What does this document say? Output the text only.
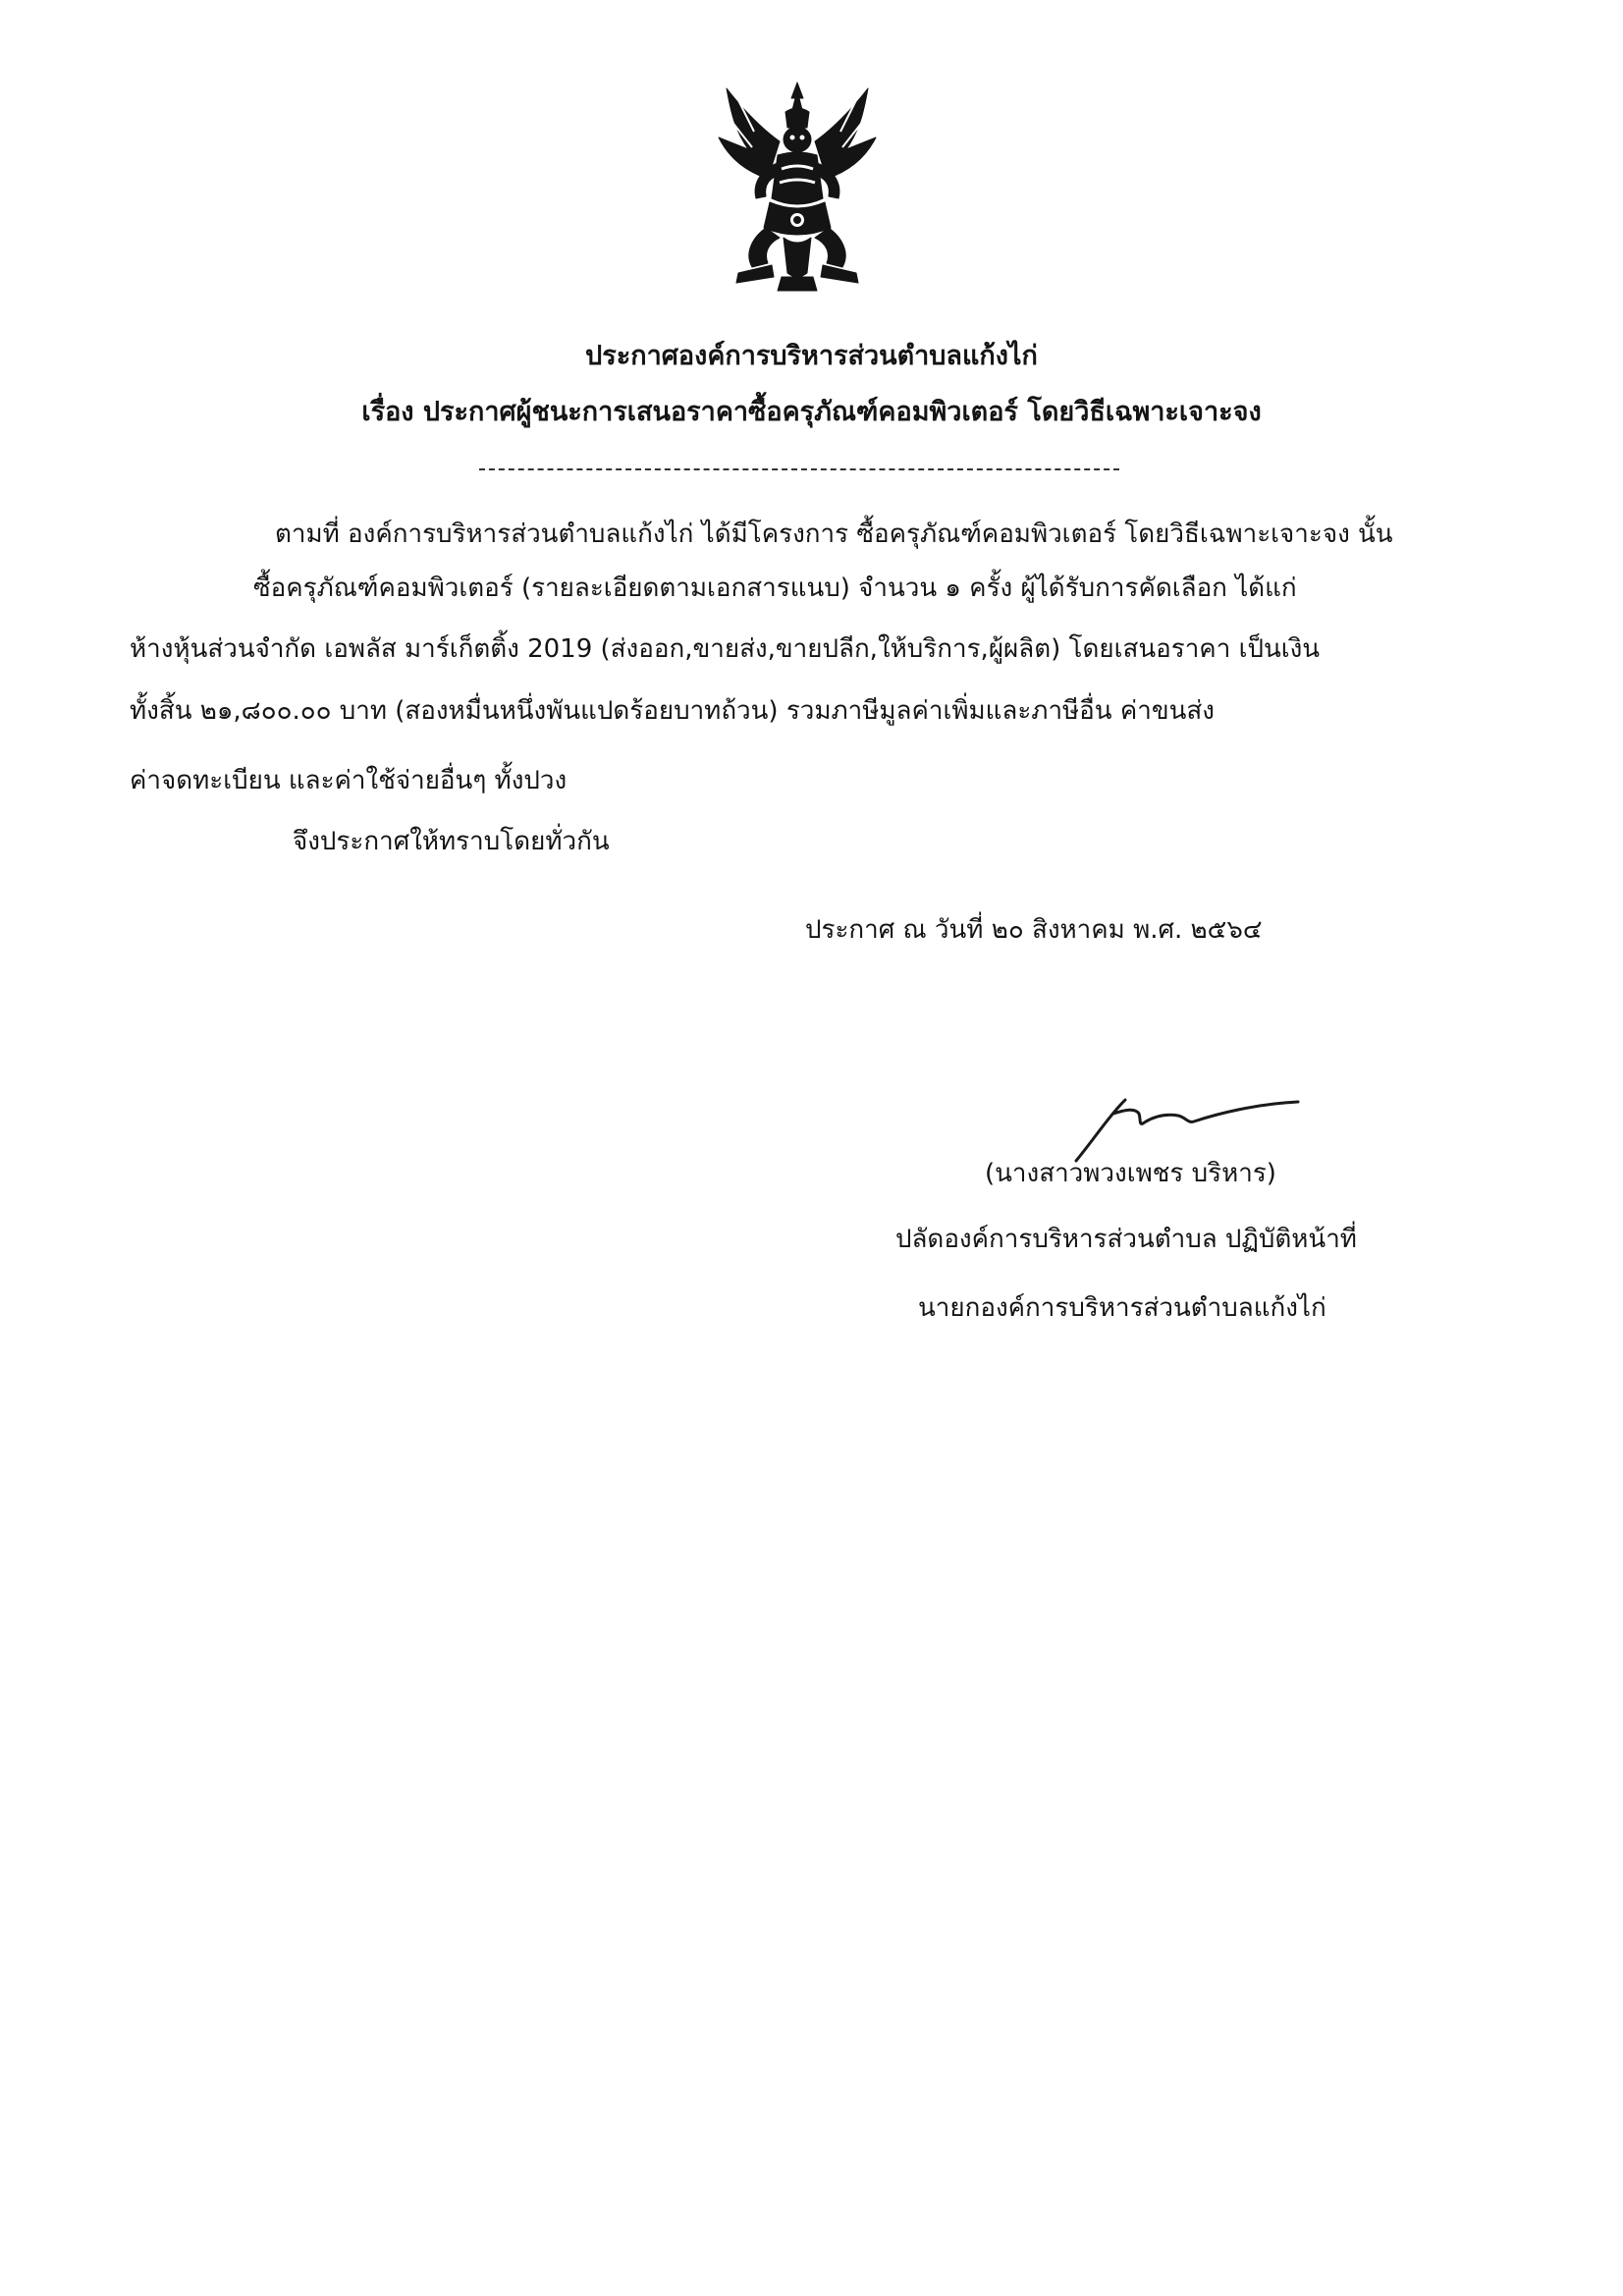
ประกาศองค์การบริหารส่วนตำบลแก้งไก่
เรื่อง ประกาศผู้ชนะการเสนอราคาซื้อครุภัณฑ์คอมพิวเตอร์ โดยวิธีเฉพาะเจาะจง
ตามที่ องค์การบริหารส่วนตำบลแก้งไก่ ได้มีโครงการ ซื้อครุภัณฑ์คอมพิวเตอร์ โดยวิธีเฉพาะเจาะจง นั้น
ซื้อครุภัณฑ์คอมพิวเตอร์ (รายละเอียดตามเอกสารแนบ) จำนวน ๑ ครั้ง ผู้ได้รับการคัดเลือก ได้แก่
ห้างหุ้นส่วนจำกัด เอพลัส มาร์เก็ตติ้ง 2019 (ส่งออก,ขายส่ง,ขายปลีก,ให้บริการ,ผู้ผลิต) โดยเสนอราคา เป็นเงิน
ทั้งสิ้น ๒๑,๘๐๐.๐๐ บาท (สองหมื่นหนึ่งพันแปดร้อยบาทถ้วน) รวมภาษีมูลค่าเพิ่มและภาษีอื่น ค่าขนส่ง
ค่าจดทะเบียน และค่าใช้จ่ายอื่นๆ ทั้งปวง
จึงประกาศให้ทราบโดยทั่วกัน
ประกาศ ณ วันที่ ๒๐ สิงหาคม พ.ศ. ๒๕๖๔
(นางสาวพวงเพชร บริหาร)
ปลัดองค์การบริหารส่วนตำบล ปฏิบัติหน้าที่
นายกองค์การบริหารส่วนตำบลแก้งไก่
